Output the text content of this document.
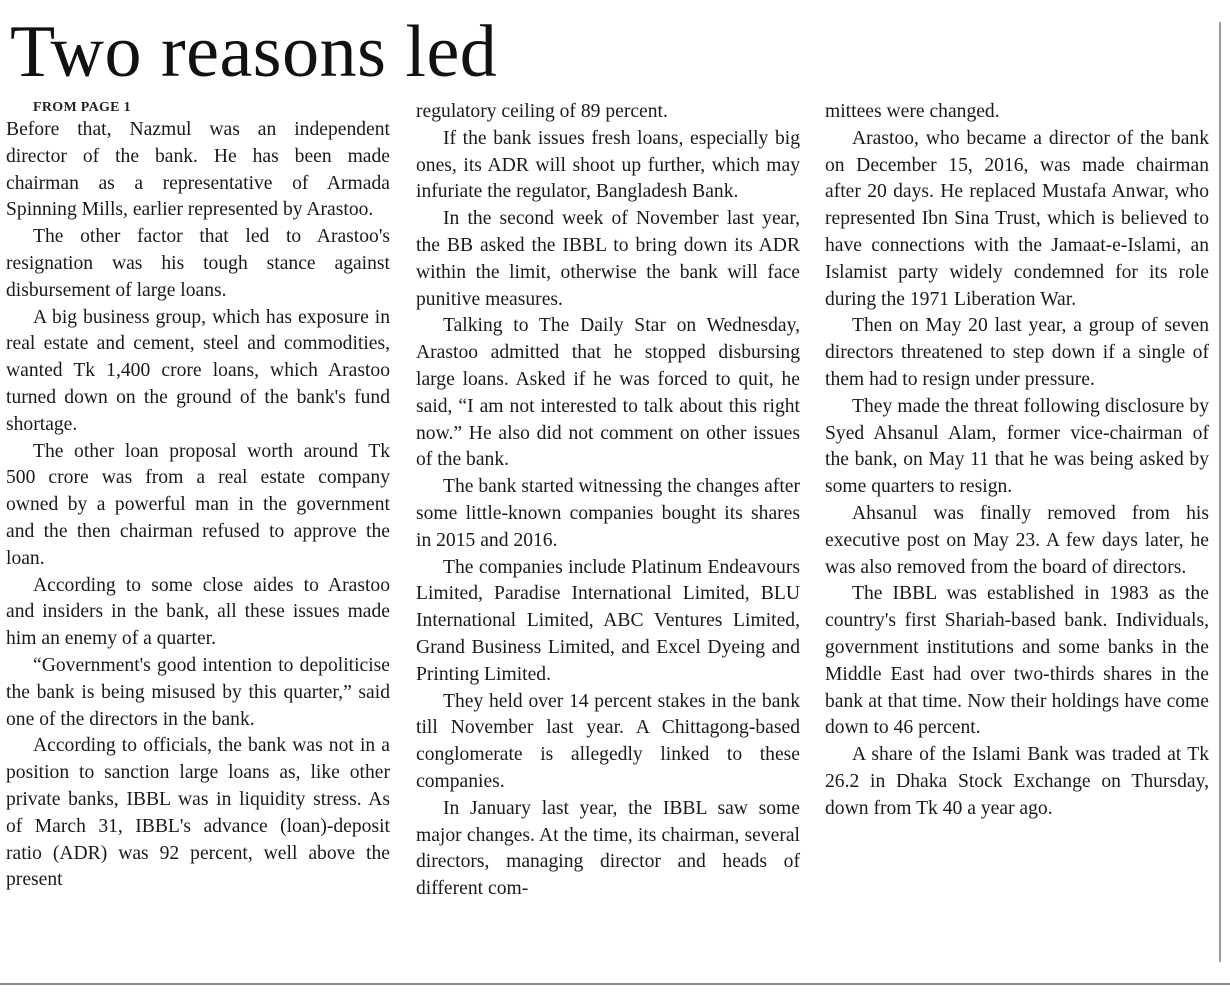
Two reasons led

FROM PAGE 1

Before that, Nazmul was an independent director of the bank. He has been made chairman as a representative of Armada Spinning Mills, earlier represented by Arastoo.

The other factor that led to Arastoo's resignation was his tough stance against disbursement of large loans.

A big business group, which has exposure in real estate and cement, steel and commodities, wanted Tk 1,400 crore loans, which Arastoo turned down on the ground of the bank's fund shortage.

The other loan proposal worth around Tk 500 crore was from a real estate company owned by a powerful man in the government and the then chairman refused to approve the loan.

According to some close aides to Arastoo and insiders in the bank, all these issues made him an enemy of a quarter.

“Government's good intention to depoliticise the bank is being misused by this quarter,” said one of the directors in the bank.

According to officials, the bank was not in a position to sanction large loans as, like other private banks, IBBL was in liquidity stress. As of March 31, IBBL's advance (loan)-deposit ratio (ADR) was 92 percent, well above the present

regulatory ceiling of 89 percent.

If the bank issues fresh loans, especially big ones, its ADR will shoot up further, which may infuriate the regulator, Bangladesh Bank.

In the second week of November last year, the BB asked the IBBL to bring down its ADR within the limit, otherwise the bank will face punitive measures.

Talking to The Daily Star on Wednesday, Arastoo admitted that he stopped disbursing large loans. Asked if he was forced to quit, he said, “I am not interested to talk about this right now.” He also did not comment on other issues of the bank.

The bank started witnessing the changes after some little-known companies bought its shares in 2015 and 2016.

The companies include Platinum Endeavours Limited, Paradise International Limited, BLU International Limited, ABC Ventures Limited, Grand Business Limited, and Excel Dyeing and Printing Limited.

They held over 14 percent stakes in the bank till November last year. A Chittagong-based conglomerate is allegedly linked to these companies.

In January last year, the IBBL saw some major changes. At the time, its chairman, several directors, managing director and heads of different com-

mittees were changed.

Arastoo, who became a director of the bank on December 15, 2016, was made chairman after 20 days. He replaced Mustafa Anwar, who represented Ibn Sina Trust, which is believed to have connections with the Jamaat-e-Islami, an Islamist party widely condemned for its role during the 1971 Liberation War.

Then on May 20 last year, a group of seven directors threatened to step down if a single of them had to resign under pressure.

They made the threat following disclosure by Syed Ahsanul Alam, former vice-chairman of the bank, on May 11 that he was being asked by some quarters to resign.

Ahsanul was finally removed from his executive post on May 23. A few days later, he was also removed from the board of directors.

The IBBL was established in 1983 as the country's first Shariah-based bank. Individuals, government institutions and some banks in the Middle East had over two-thirds shares in the bank at that time. Now their holdings have come down to 46 percent.

A share of the Islami Bank was traded at Tk 26.2 in Dhaka Stock Exchange on Thursday, down from Tk 40 a year ago.
